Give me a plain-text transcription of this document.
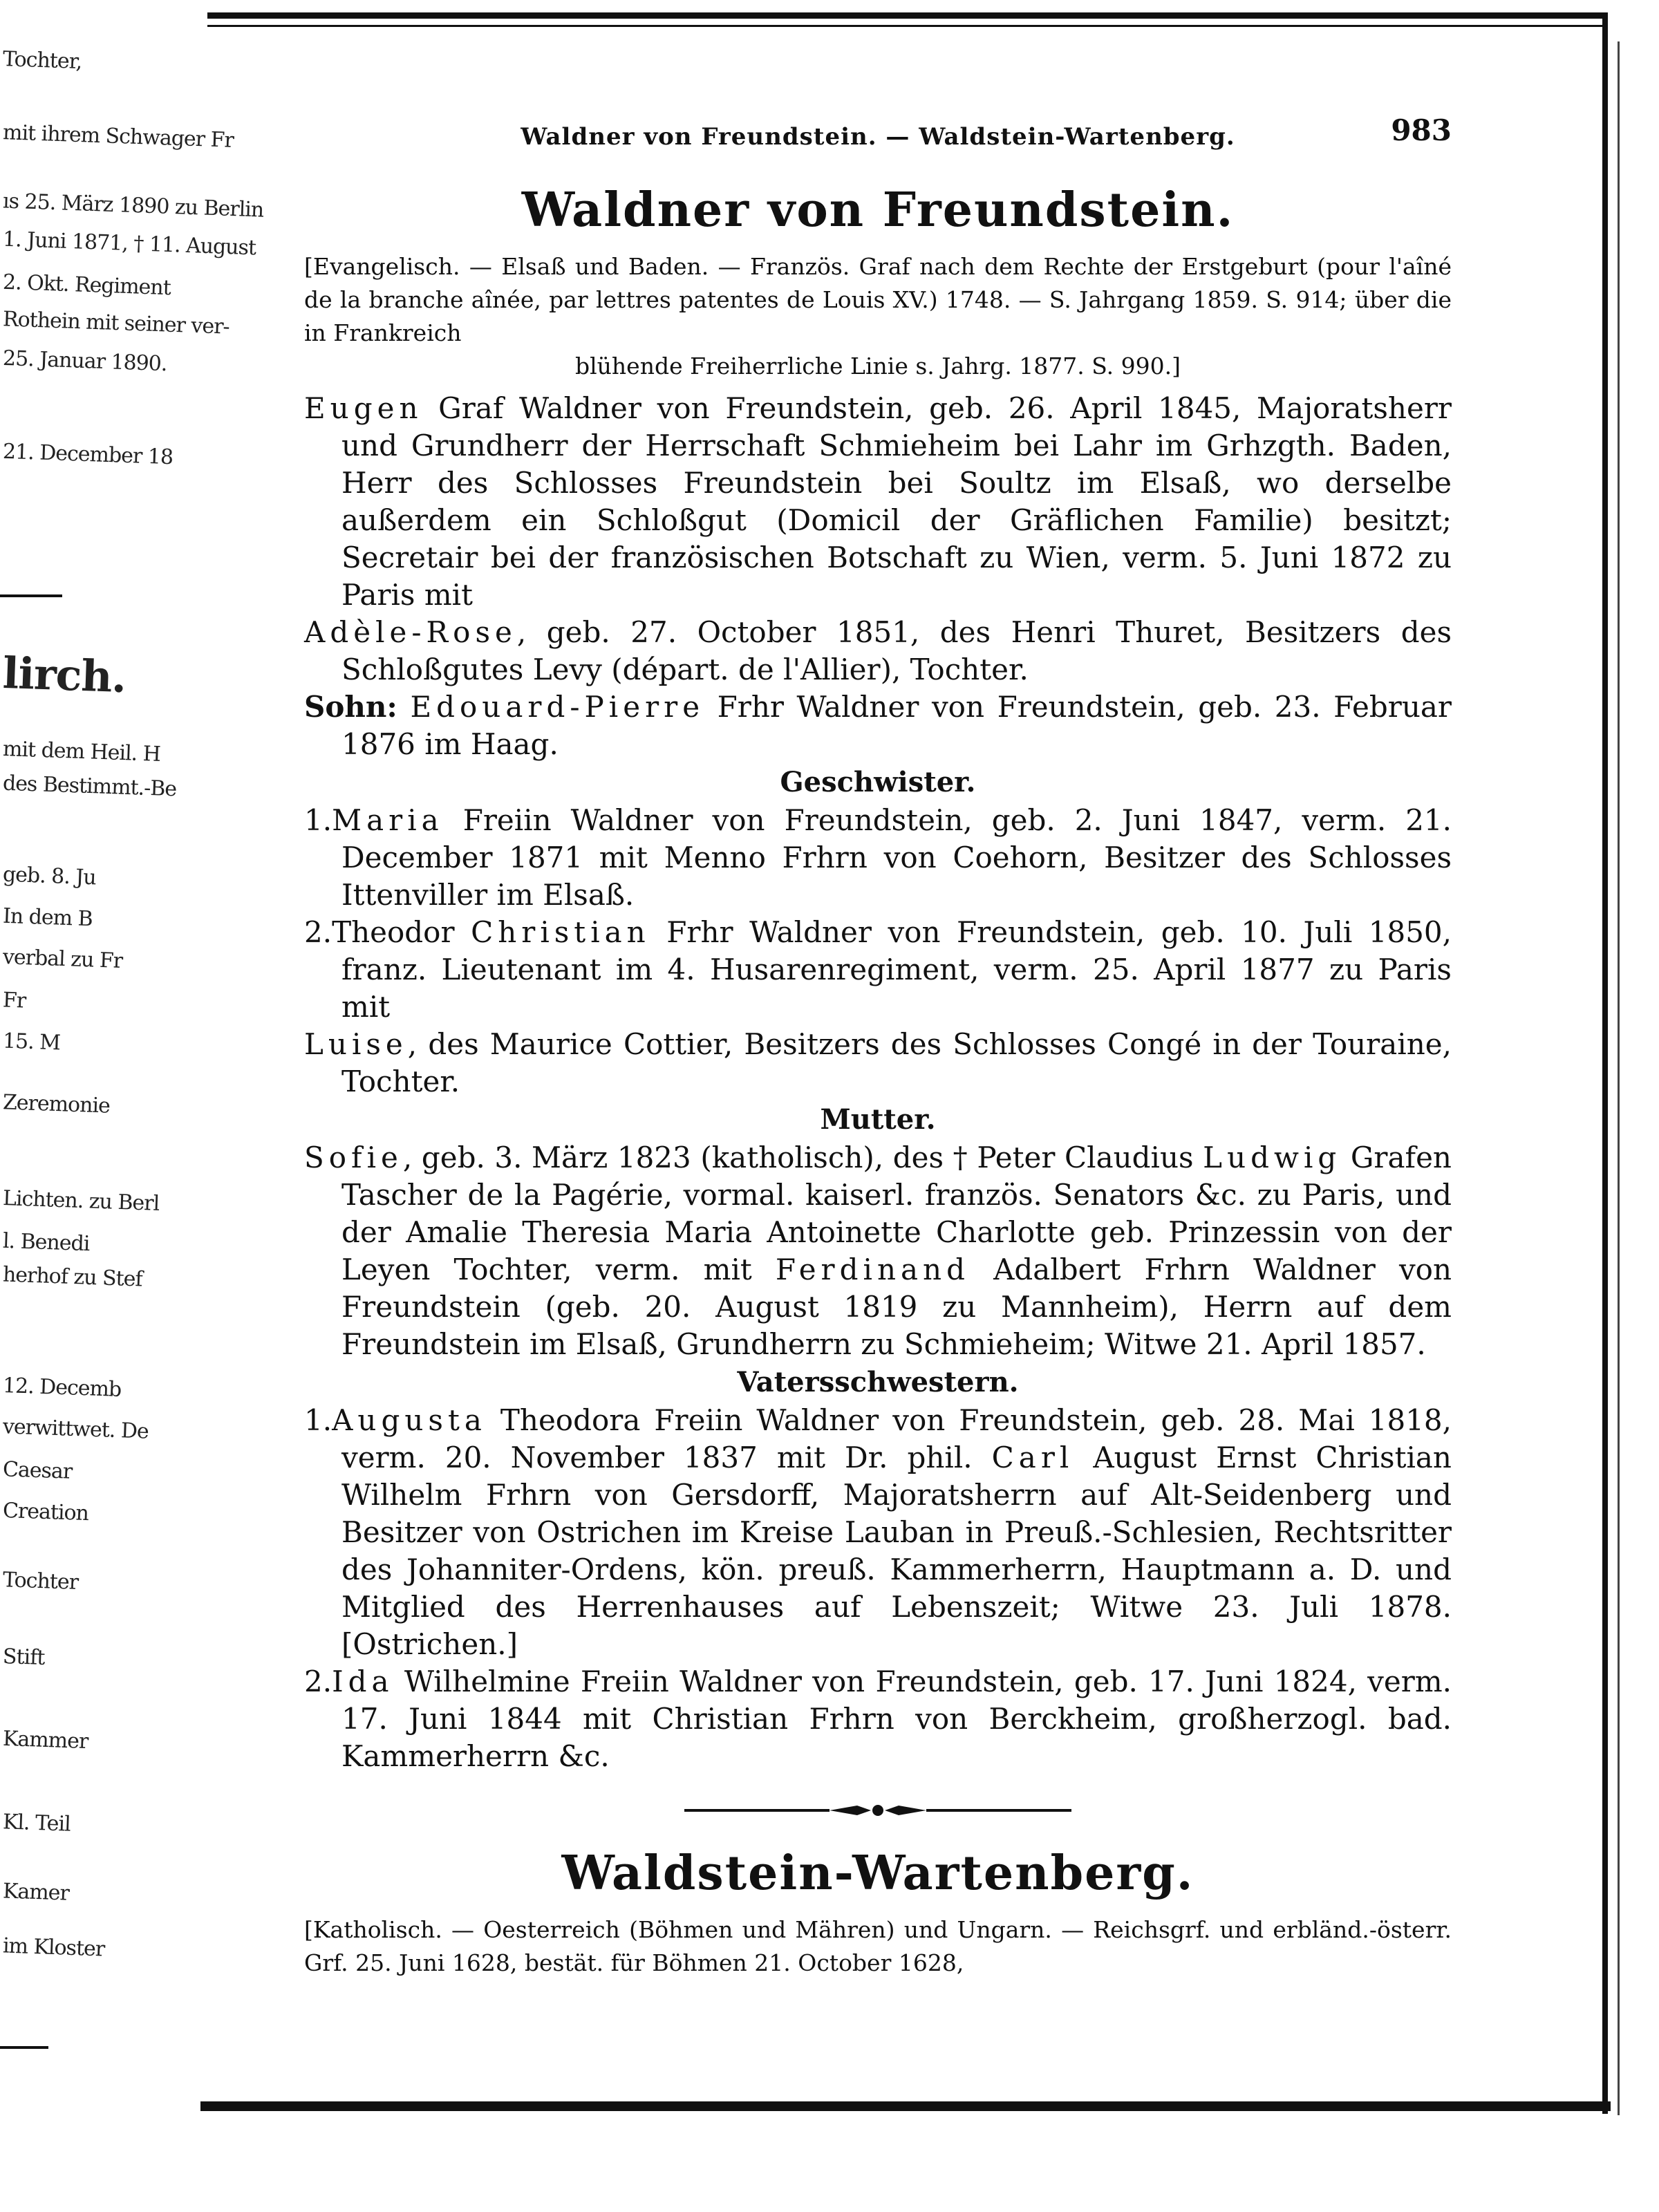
Tochter,
mit ihrem Schwager Fr
ıs 25. März 1890 zu Berlin
1. Juni 1871, † 11. August
2. Okt. Regiment
Rothein mit seiner ver-
25. Januar 1890.
21. December 18
lirch.
mit dem Heil. H
des Bestimmt.-Be
geb. 8. Ju
In dem B
verbal zu Fr
Fr
15. M
Zeremonie
Lichten. zu Berl
l. Benedi
herhof zu Stef
12. Decemb
verwittwet. De
Caesar
Creation
Tochter
Stift
Kammer
Kl. Teil
Kamer
im Kloster
Waldner von Freundstein. — Waldstein-Wartenberg.	983
Waldner von Freundstein.

[Evangelisch. — Elsaß und Baden. — Französ. Graf nach dem Rechte der Erstgeburt (pour l'aîné de la branche aînée, par lettres patentes de Louis XV.) 1748. — S. Jahrgang 1859. S. 914; über die in Frankreich
blühende Freiherrliche Linie s. Jahrg. 1877. S. 990.]

Eugen Graf Waldner von Freundstein, geb. 26. April 1845, Majoratsherr und Grundherr der Herrschaft Schmieheim bei Lahr im Grhzgth. Baden, Herr des Schlosses Freundstein bei Soultz im Elsaß, wo derselbe außerdem ein Schloßgut (Domicil der Gräflichen Familie) besitzt; Secretair bei der französischen Botschaft zu Wien, verm. 5. Juni 1872 zu Paris mit

Adèle-Rose, geb. 27. October 1851, des Henri Thuret, Besitzers des Schloßgutes Levy (départ. de l'Allier), Tochter.

Sohn: Edouard-Pierre Frhr Waldner von Freundstein, geb. 23. Februar 1876 im Haag.

Geschwister.

1.Maria Freiin Waldner von Freundstein, geb. 2. Juni 1847, verm. 21. December 1871 mit Menno Frhrn von Coehorn, Besitzer des Schlosses Ittenviller im Elsaß.

2.Theodor Christian Frhr Waldner von Freundstein, geb. 10. Juli 1850, franz. Lieutenant im 4. Husarenregiment, verm. 25. April 1877 zu Paris mit

Luise, des Maurice Cottier, Besitzers des Schlosses Congé in der Touraine, Tochter.

Mutter.

Sofie, geb. 3. März 1823 (katholisch), des † Peter Claudius Ludwig Grafen Tascher de la Pagérie, vormal. kaiserl. französ. Senators &c. zu Paris, und der Amalie Theresia Maria Antoinette Charlotte geb. Prinzessin von der Leyen Tochter, verm. mit Ferdinand Adalbert Frhrn Waldner von Freundstein (geb. 20. August 1819 zu Mannheim), Herrn auf dem Freundstein im Elsaß, Grundherrn zu Schmieheim; Witwe 21. April 1857.

Vatersschwestern.

1.Augusta Theodora Freiin Waldner von Freundstein, geb. 28. Mai 1818, verm. 20. November 1837 mit Dr. phil. Carl August Ernst Christian Wilhelm Frhrn von Gersdorff, Majoratsherrn auf Alt-Seidenberg und Besitzer von Ostrichen im Kreise Lauban in Preuß.-Schlesien, Rechtsritter des Johanniter-Ordens, kön. preuß. Kammerherrn, Hauptmann a. D. und Mitglied des Herrenhauses auf Lebenszeit; Witwe 23. Juli 1878. [Ostrichen.]

2.Ida Wilhelmine Freiin Waldner von Freundstein, geb. 17. Juni 1824, verm. 17. Juni 1844 mit Christian Frhrn von Berckheim, großherzogl. bad. Kammerherrn &c.

Waldstein-Wartenberg.

[Katholisch. — Oesterreich (Böhmen und Mähren) und Ungarn. — Reichsgrf. und erbländ.-österr. Grf. 25. Juni 1628, bestät. für Böhmen 21. October 1628,
